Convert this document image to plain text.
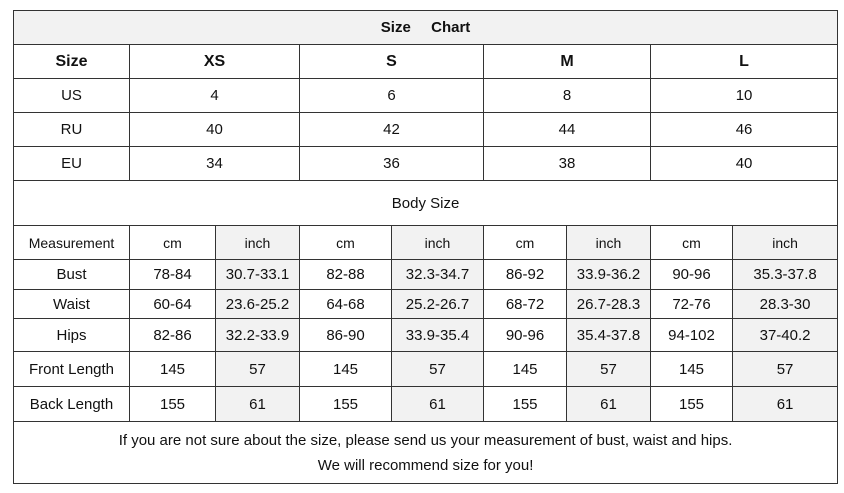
Size  Chart								
Size	XS		S		M		L	
US	4		6		8		10	
RU	40		42		44		46	
EU	34		36		38		40	
Body Size								
Measurement	cm	inch	cm	inch	cm	inch	cm	inch
Bust	78-84	30.7-33.1	82-88	32.3-34.7	86-92	33.9-36.2	90-96	35.3-37.8
Waist	60-64	23.6-25.2	64-68	25.2-26.7	68-72	26.7-28.3	72-76	28.3-30
Hips	82-86	32.2-33.9	86-90	33.9-35.4	90-96	35.4-37.8	94-102	37-40.2
Front Length	145	57	145	57	145	57	145	57
Back Length	155	61	155	61	155	61	155	61

If you are not sure about the size, please send us your measurement of bust, waist and hips.
We will recommend size for you!								
